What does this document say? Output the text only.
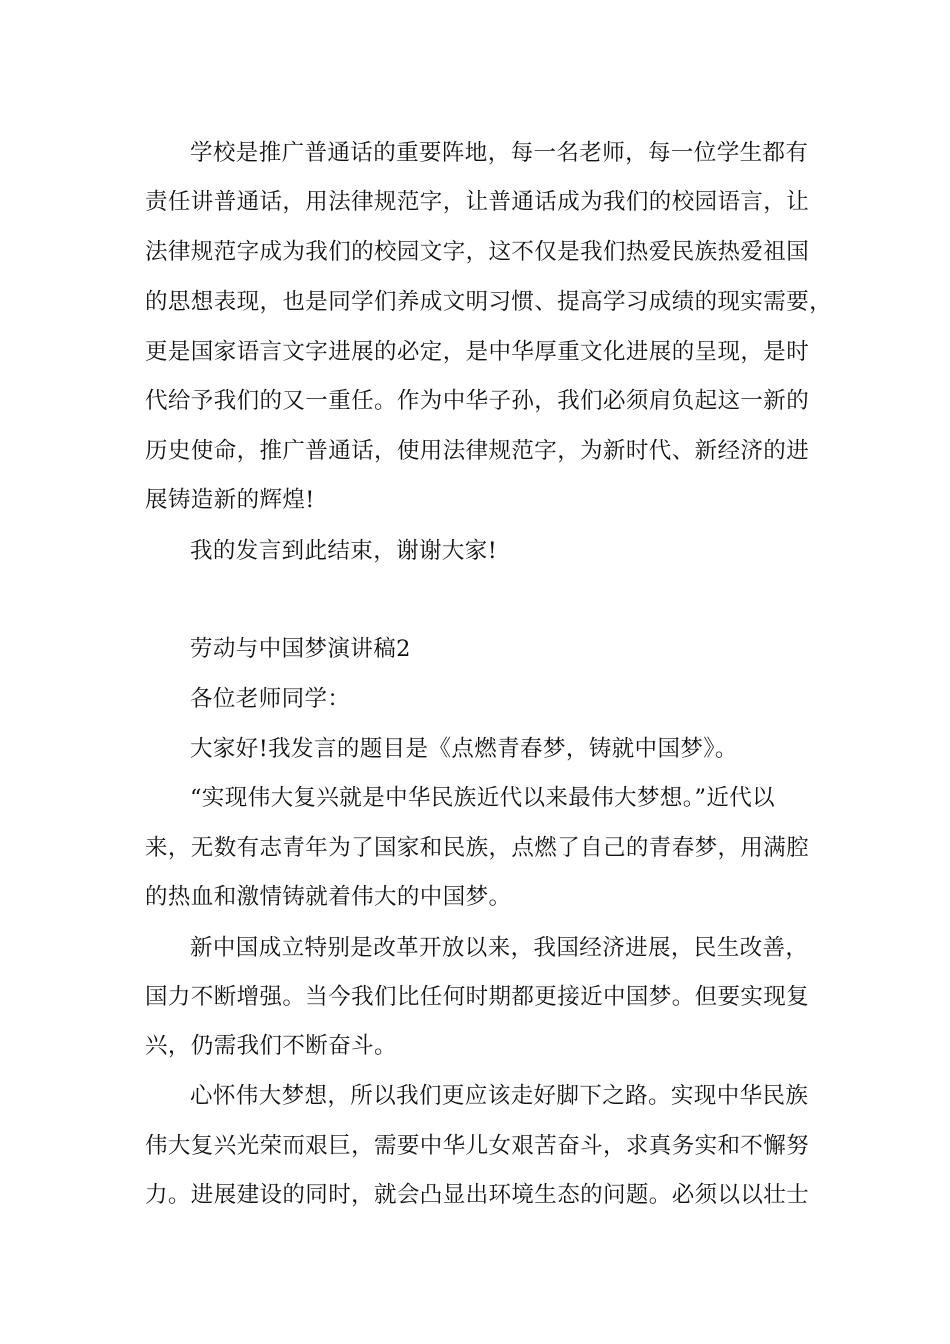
学校是推广普通话的重要阵地，每一名老师，每一位学生都有
责任讲普通话，用法律规范字，让普通话成为我们的校园语言，让
法律规范字成为我们的校园文字，这不仅是我们热爱民族热爱祖国
的思想表现，也是同学们养成文明习惯、提高学习成绩的现实需要，
更是国家语言文字进展的必定，是中华厚重文化进展的呈现，是时
代给予我们的又一重任。作为中华子孙，我们必须肩负起这一新的
历史使命，推广普通话，使用法律规范字，为新时代、新经济的进
展铸造新的辉煌!
我的发言到此结束，谢谢大家!
劳动与中国梦演讲稿2
各位老师同学：
大家好!我发言的题目是《点燃青春梦，铸就中国梦》。
“实现伟大复兴就是中华民族近代以来最伟大梦想。”近代以
来，无数有志青年为了国家和民族，点燃了自己的青春梦，用满腔
的热血和激情铸就着伟大的中国梦。
新中国成立特别是改革开放以来，我国经济进展，民生改善，
国力不断增强。当今我们比任何时期都更接近中国梦。但要实现复
兴，仍需我们不断奋斗。
心怀伟大梦想，所以我们更应该走好脚下之路。实现中华民族
伟大复兴光荣而艰巨，需要中华儿女艰苦奋斗，求真务实和不懈努
力。进展建设的同时，就会凸显出环境生态的问题。必须以以壮士
